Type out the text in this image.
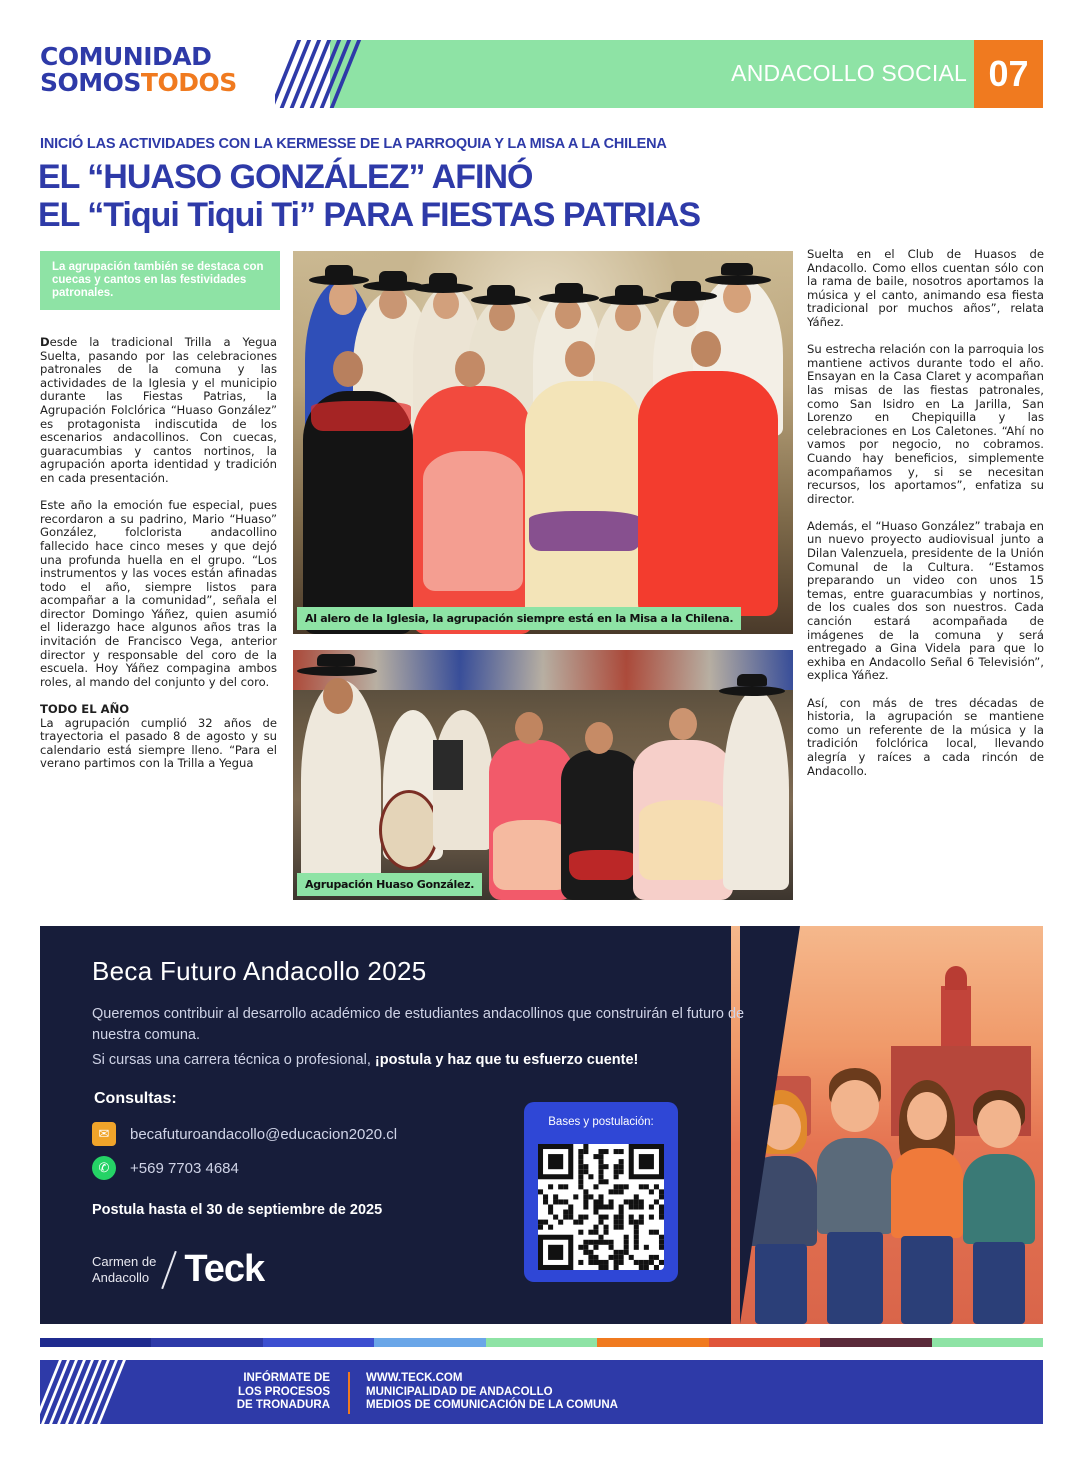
COMUNIDAD
SOMOSTODOS	ANDACOLLO SOCIAL 07
INICIÓ LAS ACTIVIDADES CON LA KERMESSE DE LA PARROQUIA Y LA MISA A LA CHILENA
EL “HUASO GONZÁLEZ” AFINÓ
EL “Tiqui Tiqui Ti” PARA FIESTAS PATRIAS
La agrupación también se destaca con cuecas y cantos en las festividades patronales.

Desde la tradicional Trilla a Yegua Suelta, pasando por las celebraciones patronales de la comuna y las actividades de la Iglesia y el municipio durante las Fiestas Patrias, la Agrupación Folclórica “Huaso González” es protagonista indiscutida de los escenarios andacollinos. Con cuecas, guaracumbias y cantos nortinos, la agrupación aporta identidad y tradición en cada presentación.

Este año la emoción fue especial, pues recordaron a su padrino, Mario “Huaso” González, folclorista andacollino fallecido hace cinco meses y que dejó una profunda huella en el grupo. “Los instrumentos y las voces están afinadas todo el año, siempre listos para acompañar a la comunidad”, señala el director Domingo Yáñez, quien asumió el liderazgo hace algunos años tras la invitación de Francisco Vega, anterior director y responsable del coro de la escuela. Hoy Yáñez compagina ambos roles, al mando del conjunto y del coro.

TODO EL AÑO

La agrupación cumplió 32 años de trayectoria el pasado 8 de agosto y su calendario está siempre lleno. “Para el verano partimos con la Trilla a Yegua

Al alero de la Iglesia, la agrupación siempre está en la Misa a la Chilena.
Agrupación Huaso González.

Suelta en el Club de Huasos de Andacollo. Como ellos cuentan sólo con la rama de baile, nosotros aportamos la música y el canto, animando esa fiesta tradicional por muchos años”, relata Yáñez.

Su estrecha relación con la parroquia los mantiene activos durante todo el año. Ensayan en la Casa Claret y acompañan las misas de las fiestas patronales, como San Isidro en La Jarilla, San Lorenzo en Chepiquilla y las celebraciones en Los Caletones. “Ahí no vamos por negocio, no cobramos. Cuando hay beneficios, simplemente acompañamos y, si se necesitan recursos, los aportamos”, enfatiza su director.

Además, el “Huaso González” trabaja en un nuevo proyecto audiovisual junto a Dilan Valenzuela, presidente de la Unión Comunal de la Cultura. “Estamos preparando un video con unos 15 temas, entre guaracumbias y nortinos, de los cuales dos son nuestros. Cada canción estará acompañada de imágenes de la comuna y será entregado a Gina Videla para que lo exhiba en Andacollo Señal 6 Televisión”, explica Yáñez.

Así, con más de tres décadas de historia, la agrupación se mantiene como un referente de la música y la tradición folclórica local, llevando alegría y raíces a cada rincón de Andacollo.

Beca Futuro Andacollo 2025
Queremos contribuir al desarrollo académico de estudiantes andacollinos que construirán el futuro de nuestra comuna.
Si cursas una carrera técnica o profesional, ¡postula y haz que tu esfuerzo cuente!
Consultas:
✉	becafuturoandacollo@educacion2020.cl
✆	+569 7703 4684
Postula hasta el 30 de septiembre de 2025
Carmen de
Andacollo Teck
Bases y postulación:
INFÓRMATE DE
LOS PROCESOS
DE TRONADURA
WWW.TECK.COM
MUNICIPALIDAD DE ANDACOLLO
MEDIOS DE COMUNICACIÓN DE LA COMUNA
